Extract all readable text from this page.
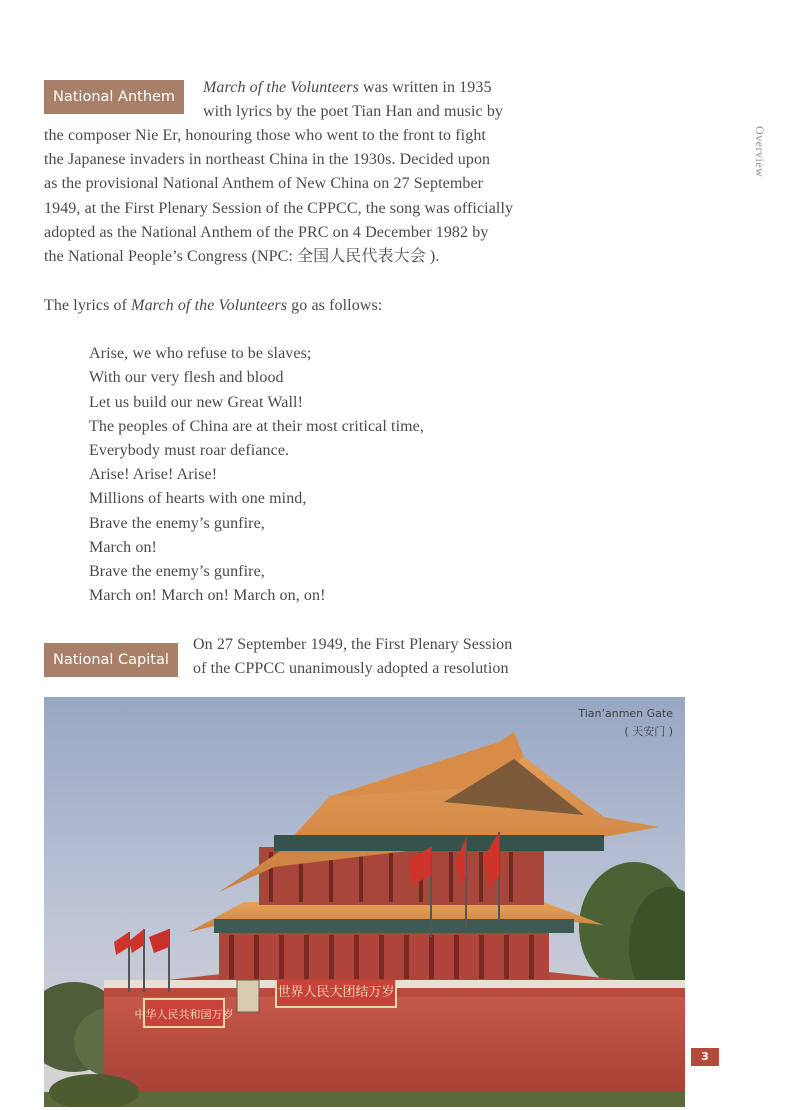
Overview
National Anthem
March of the Volunteers was written in 1935
with lyrics by the poet Tian Han and music by
the composer Nie Er, honouring those who went to the front to fight
the Japanese invaders in northeast China in the 1930s. Decided upon
as the provisional National Anthem of New China on 27 September
1949, at the First Plenary Session of the CPPCC, the song was officially
adopted as the National Anthem of the PRC on 4 December 1982 by
the National People’s Congress (NPC: 全国人民代表大会 ).
The lyrics of March of the Volunteers go as follows:
Arise, we who refuse to be slaves;
With our very flesh and blood
Let us build our new Great Wall!
The peoples of China are at their most critical time,
Everybody must roar defiance.
Arise! Arise! Arise!
Millions of hearts with one mind,
Brave the enemy’s gunfire,
March on!
Brave the enemy’s gunfire,
March on! March on! March on, on!
National Capital
On 27 September 1949, the First Plenary Session
of the CPPCC unanimously adopted a resolution
中华人民共和国万岁
世界人民大团结万岁
Tian’anmen Gate
( 天安门 )
3
